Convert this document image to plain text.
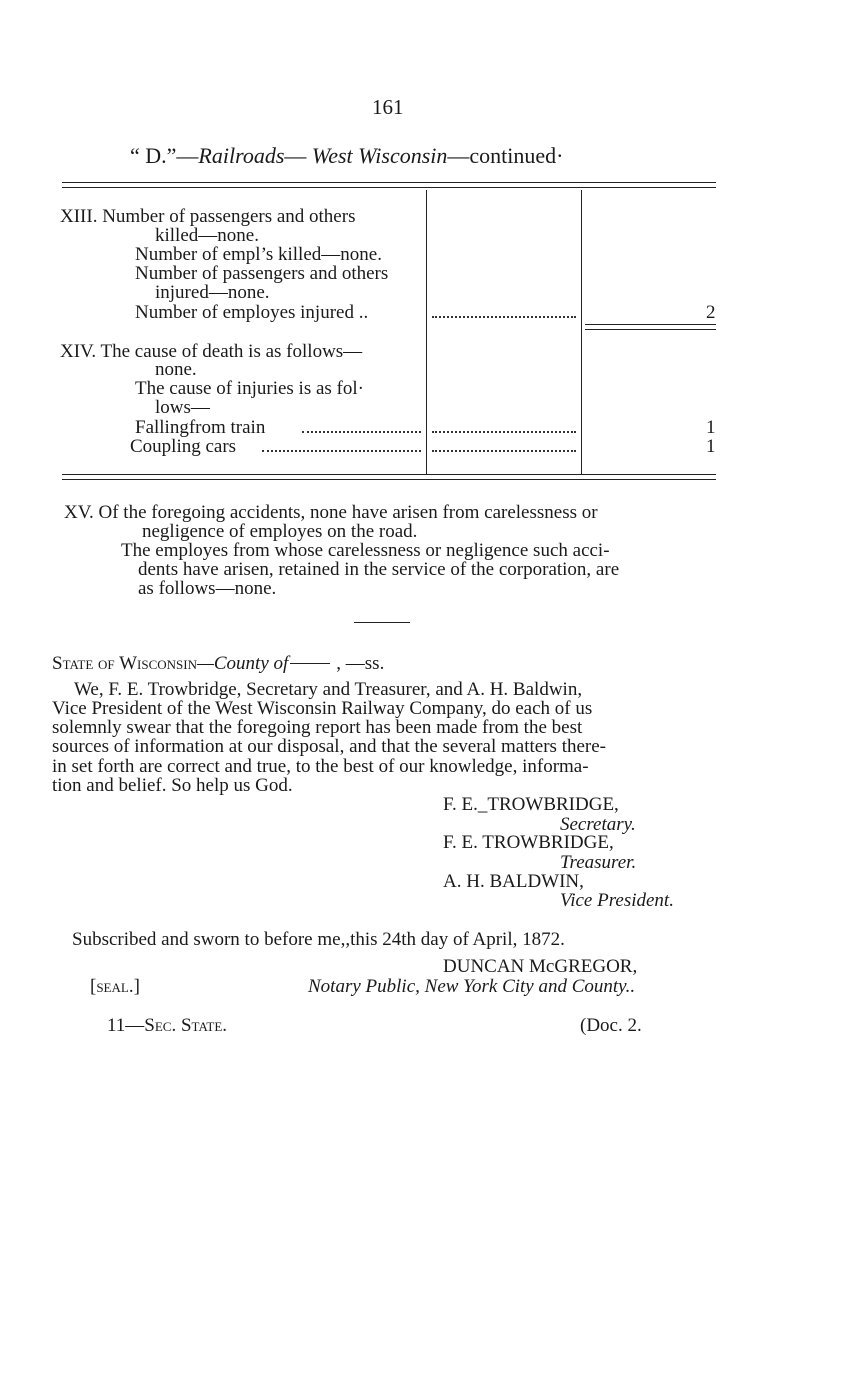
161
“ D.”—Railroads— West Wisconsin—continued·
XIII. Number of passengers and others
killed—none.
Number of empl’s killed—none.
Number of passengers and others
injured—none.
Number of employes injured ..	2
XIV. The cause of death is as follows—
none.
The cause of injuries is as fol·
lows—
Fallingfrom train	1
Coupling cars	1
XV. Of the foregoing accidents, none have arisen from carelessness or
negligence of employes on the road.
The employes from whose carelessness or negligence such acci-
dents have arisen, retained in the service of the corporation, are
as follows—none.
State of Wisconsin—County of	, —ss.
We, F. E. Trowbridge, Secretary and Treasurer, and A. H. Baldwin,
Vice President of the West Wisconsin Railway Company, do each of us
solemnly swear that the foregoing report has been made from the best
sources of information at our disposal, and that the several matters there-
in set forth are correct and true, to the best of our knowledge, informa-
tion and belief. So help us God.
F. E._TROWBRIDGE,
Secretary.
F. E. TROWBRIDGE,
Treasurer.
A. H. BALDWIN,
Vice President.
Subscribed and sworn to before me,,this 24th day of April, 1872.
DUNCAN McGREGOR,
[seal.]	Notary Public, New York City and County..
11—Sec. State.	(Doc. 2.
